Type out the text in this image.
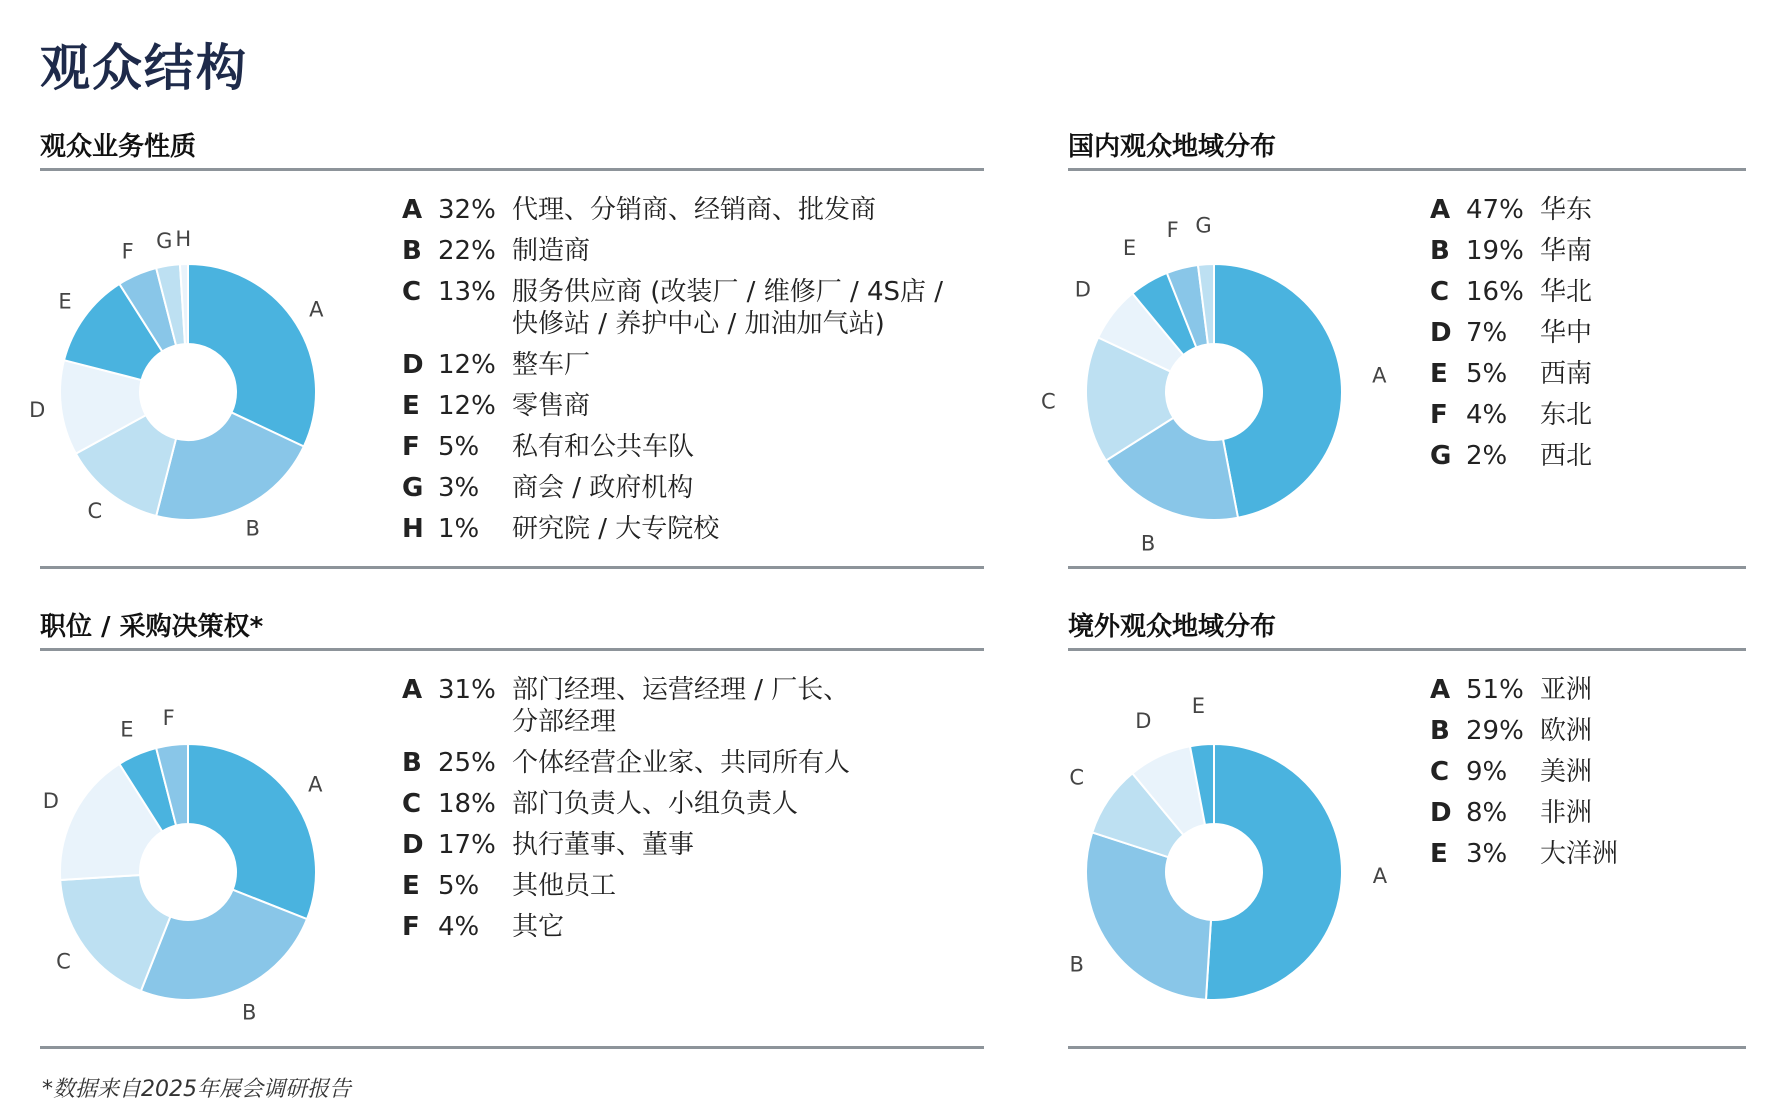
观众结构
观众业务性质
A
B
C
D
E
F G H
A 32% 代理、分销商、经销商、批发商
B 22% 制造商
C 13% 服务供应商 (改装厂 / 维修厂 / 4S店 / 快修站 / 养护中心 / 加油加气站)
D 12% 整车厂
E 12% 零售商
F 5% 私有和公共车队
G 3% 商会 / 政府机构
H 1% 研究院 / 大专院校
国内观众地域分布
A
B
C
D
E
F G
A 47% 华东
B 19% 华南
C 16% 华北
D 7% 华中
E 5% 西南
F 4% 东北
G 2% 西北
职位 / 采购决策权*
A
B
C
D
E F
A 31% 部门经理、运营经理 / 厂长、分部经理
B 25% 个体经营企业家、共同所有人
C 18% 部门负责人、小组负责人
D 17% 执行董事、董事
E 5% 其他员工
F 4% 其它
境外观众地域分布
A
B
C
D
E
A 51% 亚洲
B 29% 欧洲
C 9% 美洲
D 8% 非洲
E 3% 大洋洲
*数据来自2025年展会调研报告
